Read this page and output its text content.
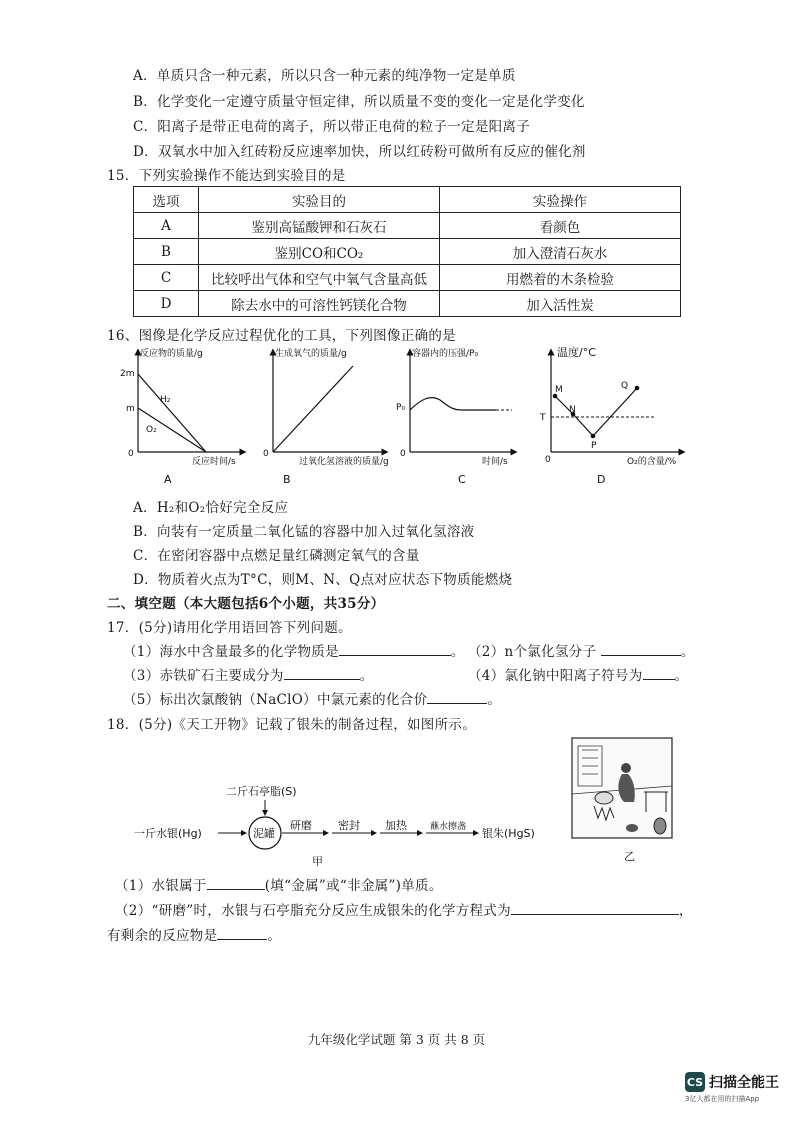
A．单质只含一种元素，所以只含一种元素的纯净物一定是单质
B．化学变化一定遵守质量守恒定律，所以质量不变的变化一定是化学变化
C．阳离子是带正电荷的离子，所以带正电荷的粒子一定是阳离子
D．双氧水中加入红砖粉反应速率加快，所以红砖粉可做所有反应的催化剂
15．下列实验操作不能达到实验目的是
选项	实验目的	实验操作
A	鉴别高锰酸钾和石灰石	看颜色
B	鉴别CO和CO₂	加入澄清石灰水
C	比较呼出气体和空气中氧气含量高低	用燃着的木条检验
D	除去水中的可溶性钙镁化合物	加入活性炭
16、图像是化学反应过程优化的工具，下列图像正确的是
反应物的质量/g
2m
m
H₂
O₂
0
反应时间/s
A
生成氧气的质量/g
0
过氧化氢溶液的质量/g
B
容器内的压强/P₀
P₀
0
时间/s
C
温度/°C
T
M
N
P
Q
0	O₂的含量/%
D
A．H₂和O₂恰好完全反应
B．向装有一定质量二氧化锰的容器中加入过氧化氢溶液
C．在密闭容器中点燃足量红磷测定氧气的含量
D．物质着火点为T°C，则M、N、Q点对应状态下物质能燃烧
二、填空题（本大题包括6个小题，共35分）
17．(5分)请用化学用语回答下列问题。
（1）海水中含量最多的化学物质是	。 （2）n个氯化氢分子	。
（3）赤铁矿石主要成分为	。	（4）氯化钠中阳离子符号为 。
（5）标出次氯酸钠（NaClO）中氯元素的化合价	。
18．(5分)《天工开物》记载了银朱的制备过程，如图所示。
二斤石亭脂(S)
一斤水银(Hg)	泥罐
研磨 密封 加热	蘸水擦盏 银朱(HgS)
甲	乙
（1）水银属于	(填“金属”或“非金属”)单质。
（2）“研磨”时，水银与石亭脂充分反应生成银朱的化学方程式为	，
有剩余的反应物是	。
九年级化学试题 第 3 页 共 8 页
CS 扫描全能王
3亿人都在用的扫描App
